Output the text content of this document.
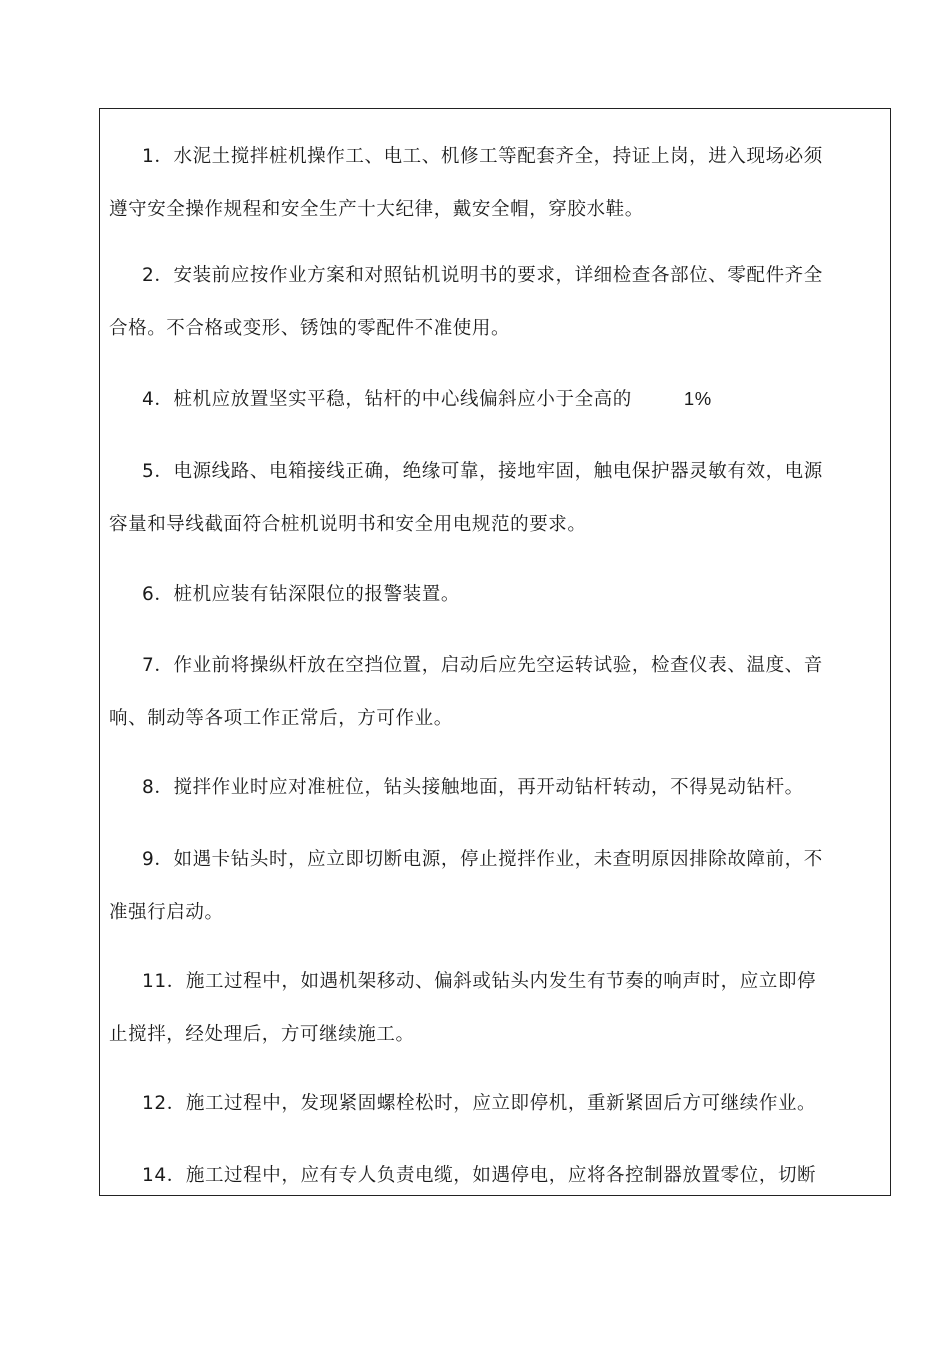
1．水泥土搅拌桩机操作工、电工、机修工等配套齐全，持证上岗，进入现场必须
遵守安全操作规程和安全生产十大纪律，戴安全帽，穿胶水鞋。
2．安装前应按作业方案和对照钻机说明书的要求，详细检查各部位、零配件齐全
合格。不合格或变形、锈蚀的零配件不准使用。
4．桩机应放置坚实平稳，钻杆的中心线偏斜应小于全高的	1%
5．电源线路、电箱接线正确，绝缘可靠，接地牢固，触电保护器灵敏有效，电源
容量和导线截面符合桩机说明书和安全用电规范的要求。
6．桩机应装有钻深限位的报警装置。
7．作业前将操纵杆放在空挡位置，启动后应先空运转试验，检查仪表、温度、音
响、制动等各项工作正常后，方可作业。
8．搅拌作业时应对准桩位，钻头接触地面，再开动钻杆转动，不得晃动钻杆。
9．如遇卡钻头时，应立即切断电源，停止搅拌作业，未查明原因排除故障前，不
准强行启动。
11．施工过程中，如遇机架移动、偏斜或钻头内发生有节奏的响声时，应立即停
止搅拌，经处理后，方可继续施工。
12．施工过程中，发现紧固螺栓松时，应立即停机，重新紧固后方可继续作业。
14．施工过程中，应有专人负责电缆，如遇停电，应将各控制器放置零位，切断
